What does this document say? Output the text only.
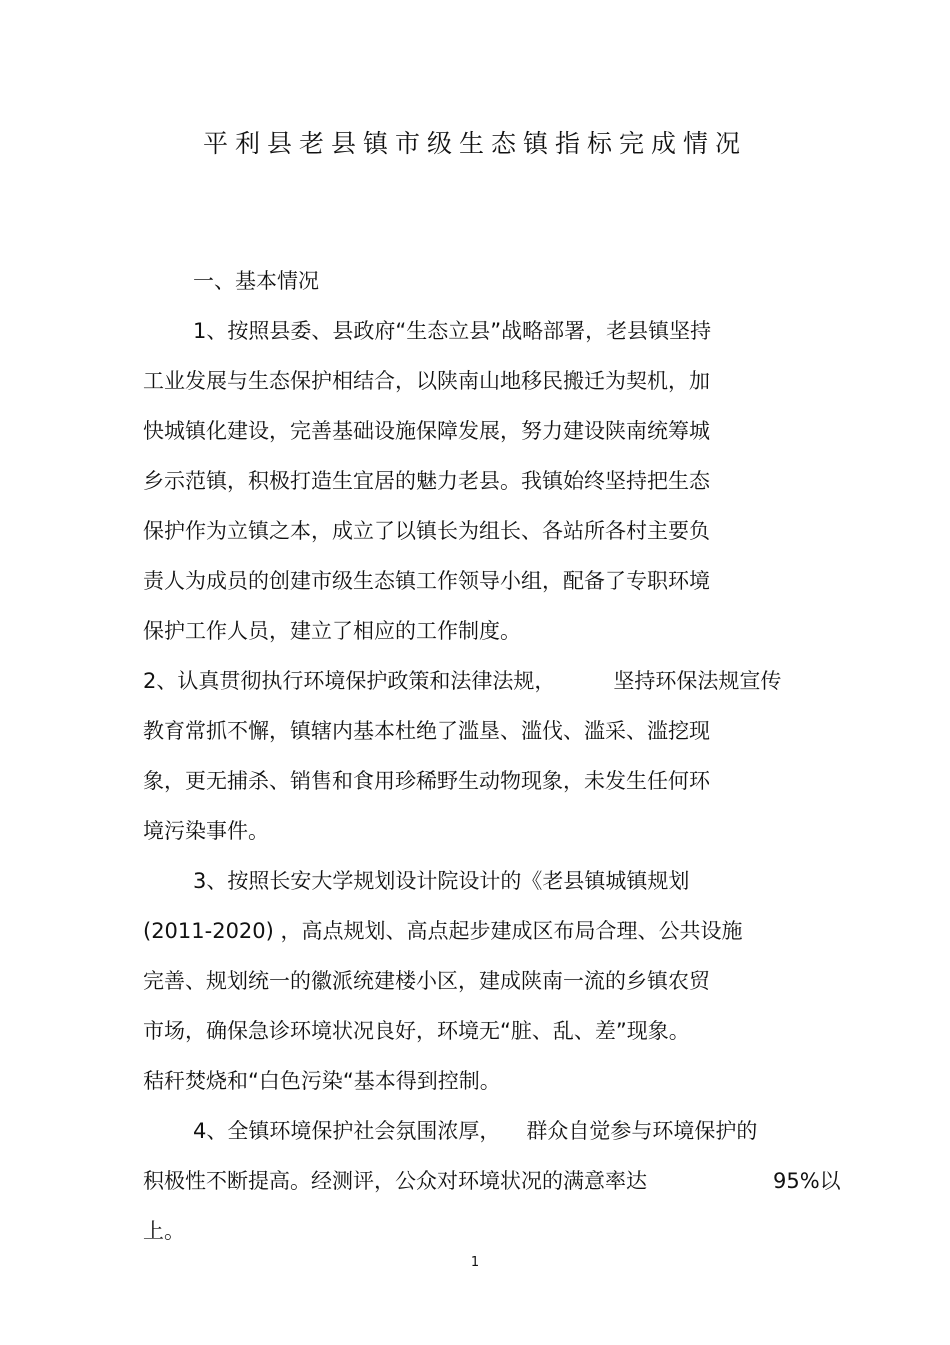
平利县老县镇市级生态镇指标完成情况
一、基本情况
1、按照县委、县政府“生态立县”战略部署，老县镇坚持
工业发展与生态保护相结合，以陕南山地移民搬迁为契机，加
快城镇化建设，完善基础设施保障发展，努力建设陕南统筹城
乡示范镇，积极打造生宜居的魅力老县。我镇始终坚持把生态
保护作为立镇之本，成立了以镇长为组长、各站所各村主要负
责人为成员的创建市级生态镇工作领导小组，配备了专职环境
保护工作人员，建立了相应的工作制度。
2、认真贯彻执行环境保护政策和法律法规，	坚持环保法规宣传
教育常抓不懈，镇辖内基本杜绝了滥垦、滥伐、滥采、滥挖现
象，更无捕杀、销售和食用珍稀野生动物现象，未发生任何环
境污染事件。
3、按照长安大学规划设计院设计的《老县镇城镇规划
(2011-2020) ，高点规划、高点起步建成区布局合理、公共设施
完善、规划统一的徽派统建楼小区，建成陕南一流的乡镇农贸
市场，确保急诊环境状况良好，环境无“脏、乱、差”现象。
秸秆焚烧和“白色污染“基本得到控制。
4、全镇环境保护社会氛围浓厚， 群众自觉参与环境保护的
积极性不断提高。经测评，公众对环境状况的满意率达	95%以
上。
1
